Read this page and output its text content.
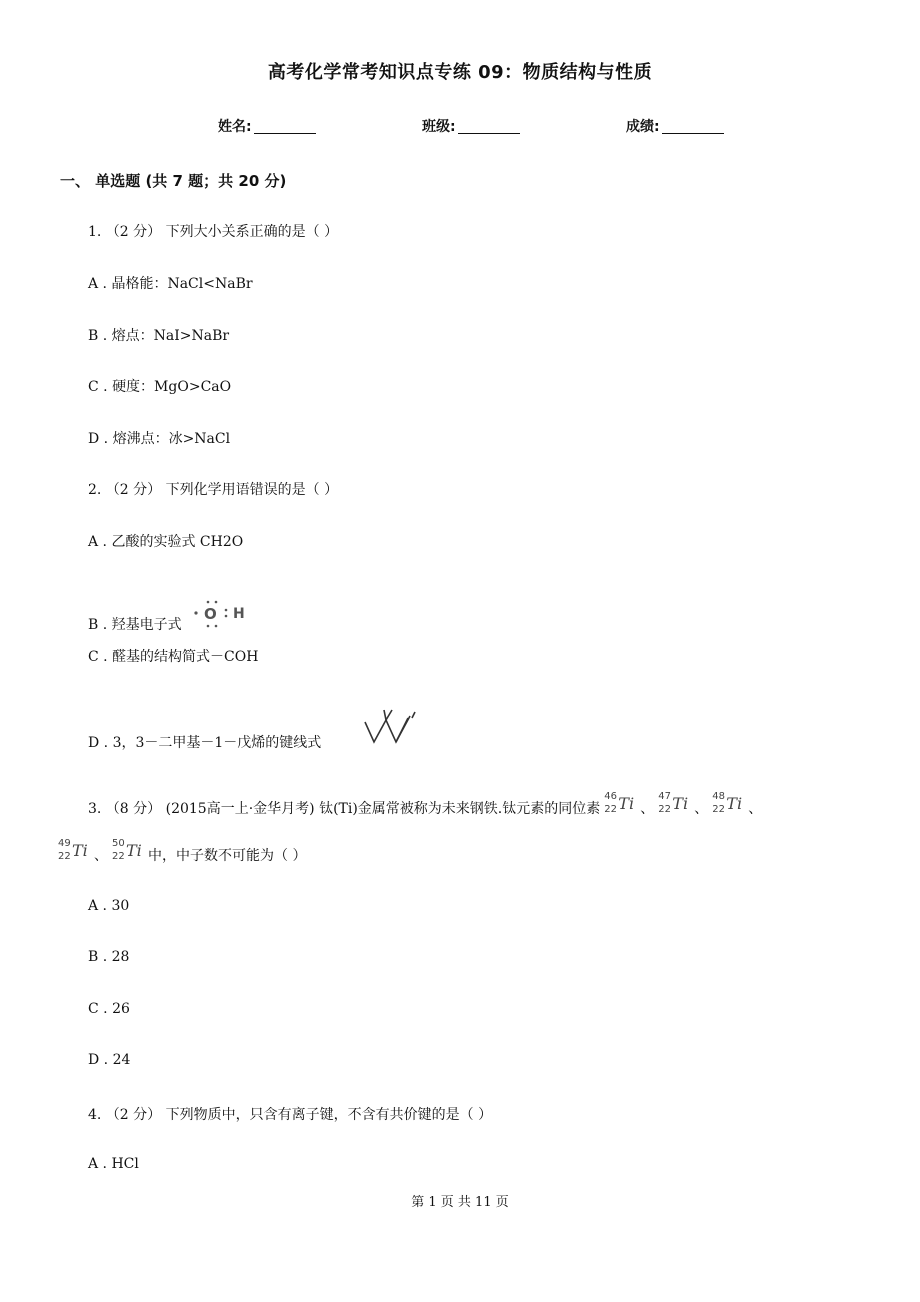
高考化学常考知识点专练 09：物质结构与性质
姓名:	班级:	成绩:
一、 单选题 (共 7 题；共 20 分)
1. （2 分） 下列大小关系正确的是（ ）
A . 晶格能：NaCl<NaBr
B . 熔点：NaI>NaBr
C . 硬度：MgO>CaO
D . 熔沸点：冰>NaCl
2. （2 分） 下列化学用语错误的是（ ）
A . 乙酸的实验式 CH2O
B . 羟基电子式
O H
C . 醛基的结构简式－COH
D . 3，3－二甲基－1－戊烯的键线式
3. （8 分） (2015高一上·金华月考) 钛(Ti)金属常被称为未来钢铁.钛元素的同位素
46
22 Ti 、
47
22 Ti 、
48
22 Ti 、
49
22 Ti 、
50
22 Ti 中，中子数不可能为（ ）
A . 30
B . 28
C . 26
D . 24
4. （2 分） 下列物质中，只含有离子键，不含有共价键的是（ ）
A . HCl
第 1 页 共 11 页
